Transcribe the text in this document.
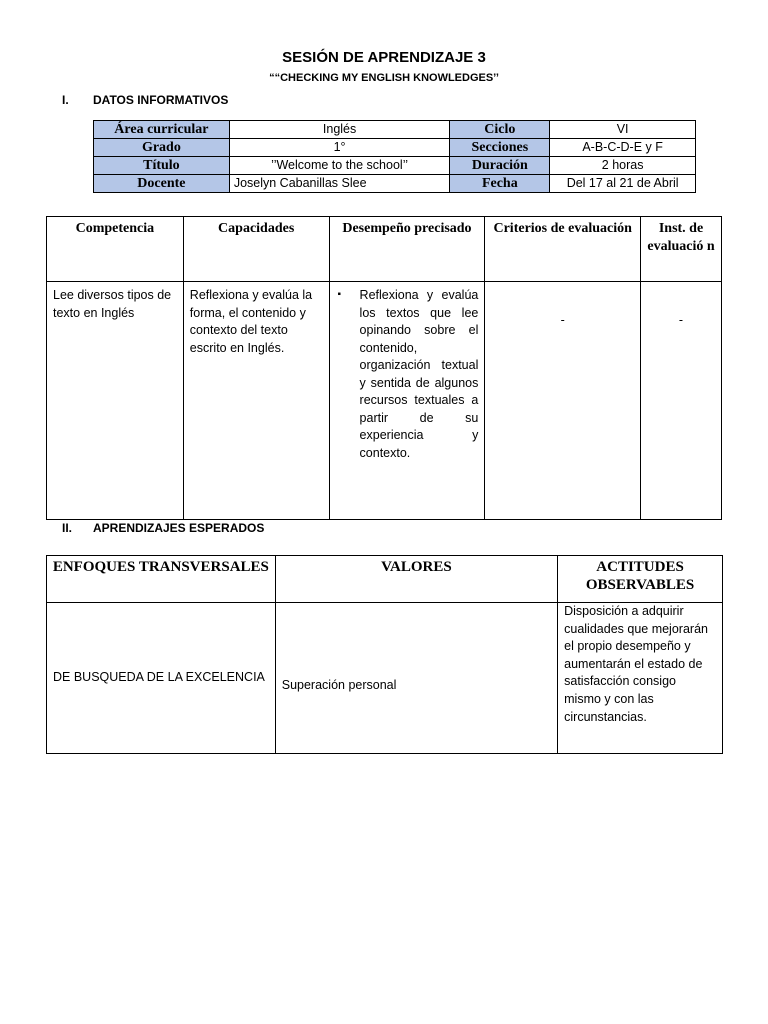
SESIÓN DE APRENDIZAJE 3
““CHECKING MY ENGLISH KNOWLEDGES’’
I. DATOS INFORMATIVOS
Área curricular	Inglés	Ciclo	VI
Grado	1°	Secciones	A-B-C-D-E y F
Título	’’Welcome to the school’’	Duración	2 horas
Docente	Joselyn Cabanillas Slee	Fecha	Del 17 al 21 de Abril
Competencia	Capacidades	Desempeño precisado	Criterios de evaluación	Inst. de evaluació n
Lee diversos tipos de texto en Inglés	Reflexiona y evalúa la forma, el contenido y contexto del texto escrito en Inglés.	▪ Reflexiona y evalúa los textos que lee opinando sobre el contenido, organización textual y sentida de algunos recursos textuales a partir de su experiencia y contexto.	-	-
II. APRENDIZAJES ESPERADOS
ENFOQUES TRANSVERSALES	VALORES	ACTITUDES OBSERVABLES
DE BUSQUEDA DE LA EXCELENCIA	Superación personal	Disposición a adquirir cualidades que mejorarán el propio desempeño y aumentarán el estado de satisfacción consigo mismo y con las circunstancias.
